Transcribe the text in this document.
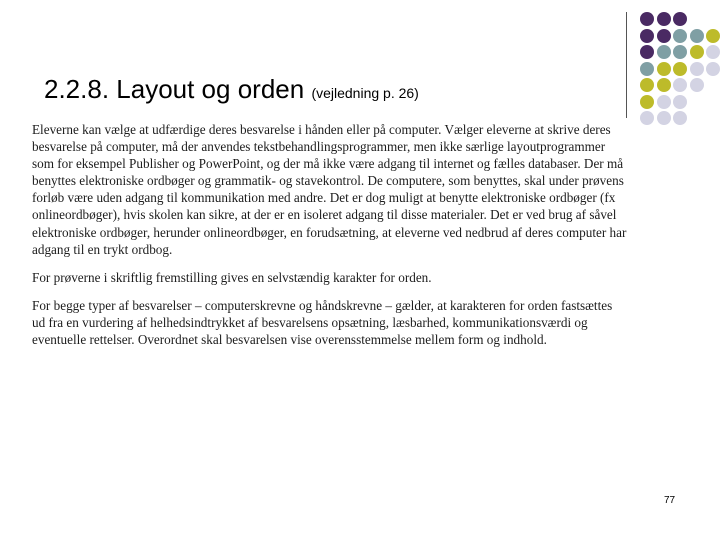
2.2.8. Layout og orden (vejledning p. 26)

Eleverne kan vælge at udfærdige deres besvarelse i hånden eller på computer. Vælger eleverne at skrive deres besvarelse på computer, må der anvendes tekstbehandlingsprogrammer, men ikke særlige layoutprogrammer som for eksempel Publisher og PowerPoint, og der må ikke være adgang til internet og fælles databaser. Der må benyttes elektroniske ordbøger og grammatik- og stavekontrol. De computere, som benyttes, skal under prøvens forløb være uden adgang til kommunikation med andre. Det er dog muligt at benytte elektroniske ordbøger (fx onlineordbøger), hvis skolen kan sikre, at der er en isoleret adgang til disse materialer. Det er ved brug af såvel elektroniske ordbøger, herunder onlineordbøger, en forudsætning, at eleverne ved nedbrud af deres computer har adgang til en trykt ordbog.

For prøverne i skriftlig fremstilling gives en selvstændig karakter for orden.

For begge typer af besvarelser – computerskrevne og håndskrevne – gælder, at karakteren for orden fastsættes ud fra en vurdering af helhedsindtrykket af besvarelsens opsætning, læsbarhed, kommunikationsværdi og eventuelle rettelser. Overordnet skal besvarelsen vise overensstemmelse mellem form og indhold.

77
